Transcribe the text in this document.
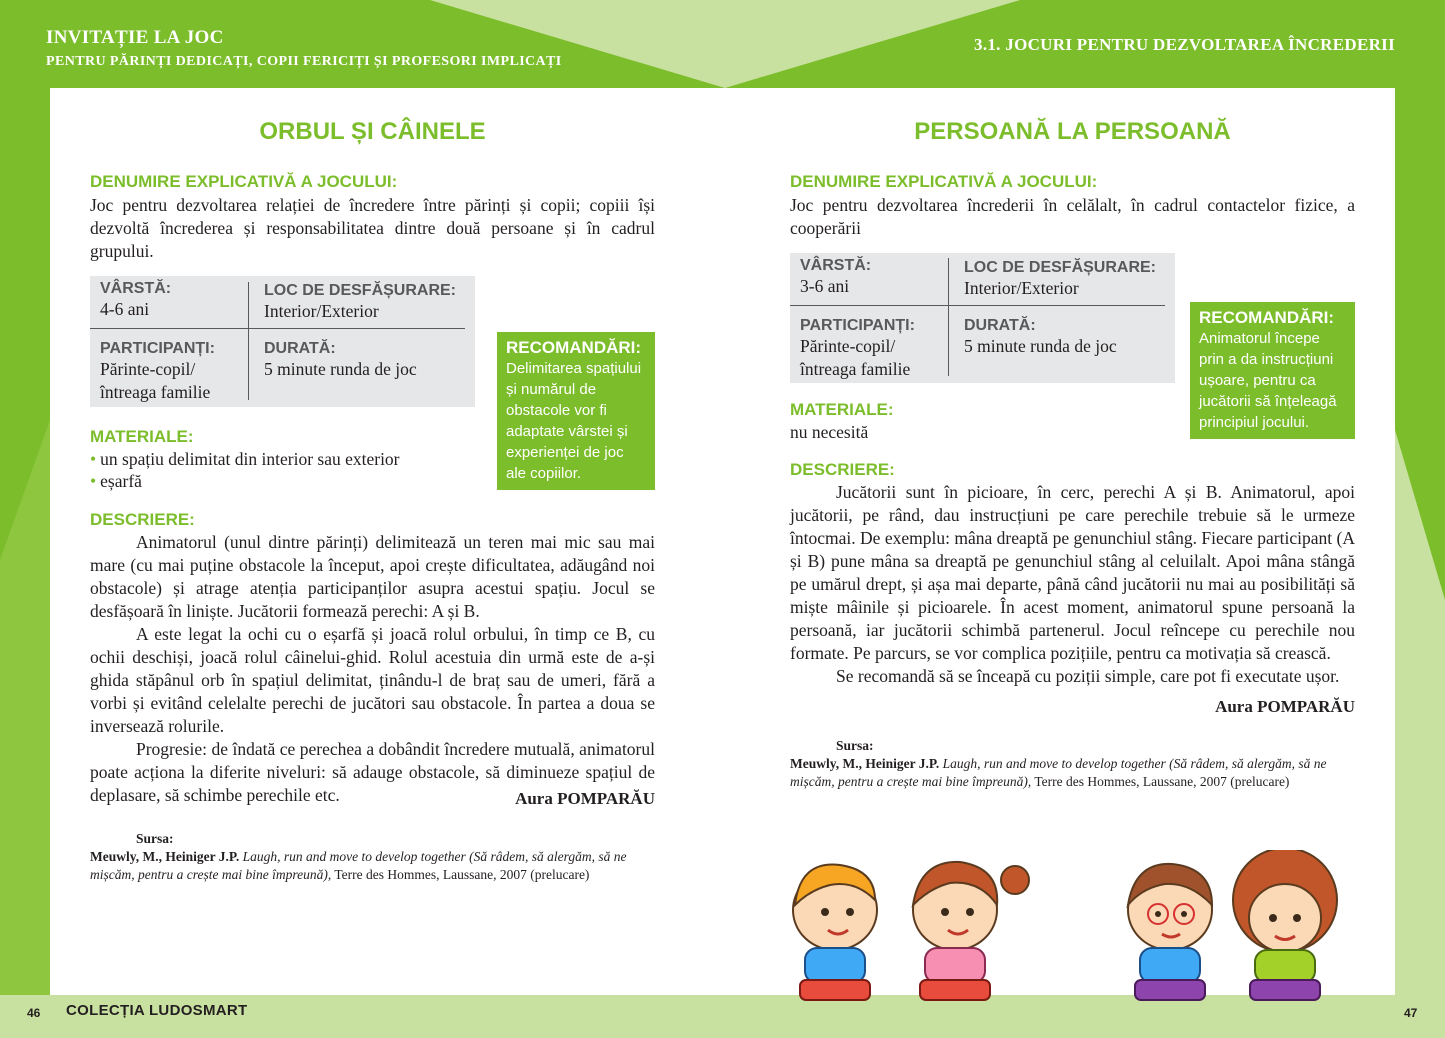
INVITAȚIE LA JOC
PENTRU PĂRINȚI DEDICAȚI, COPII FERICIȚI ȘI PROFESORI IMPLICAȚI
3.1. JOCURI PENTRU DEZVOLTAREA ÎNCREDERII
ORBUL ȘI CÂINELE
DENUMIRE EXPLICATIVĂ A JOCULUI:
Joc pentru dezvoltarea relației de încredere între părinți și copii; copiii își dezvoltă încrederea și responsabilitatea dintre două persoane și în cadrul grupului.
VÂRSTĂ:
4-6 ani
LOC DE DESFĂȘURARE:
Interior/Exterior
PARTICIPANȚI:
Părinte-copil/ întreaga familie
DURATĂ:
5 minute runda de joc
RECOMANDĂRI:
Delimitarea spațiului și numărul de obstacole vor fi adaptate vârstei și experienței de joc ale copiilor.
MATERIALE:
• un spațiu delimitat din interior sau exterior
• eșarfă
DESCRIERE:

Animatorul (unul dintre părinți) delimitează un teren mai mic sau mai mare (cu mai puține obstacole la început, apoi crește dificultatea, adăugând noi obstacole) și atrage atenția participanților asupra acestui spațiu. Jocul se desfășoară în liniște. Jucătorii formează perechi: A și B.

A este legat la ochi cu o eșarfă și joacă rolul orbului, în timp ce B, cu ochii deschiși, joacă rolul câinelui-ghid. Rolul acestuia din urmă este de a-și ghida stăpânul orb în spațiul delimitat, ținându-l de braț sau de umeri, fără a vorbi și evitând celelalte perechi de jucători sau obstacole. În partea a doua se inversează rolurile.

Progresie: de îndată ce perechea a dobândit încredere mutuală, animatorul poate acționa la diferite niveluri: să adauge obstacole, să diminueze spațiul de deplasare, să schimbe perechile etc.	Aura POMPARĂU
Sursa:
Meuwly, M., Heiniger J.P. Laugh, run and move to develop together (Să râdem, să alergăm, să ne mișcăm, pentru a crește mai bine împreună), Terre des Hommes, Laussane, 2007 (prelucare)
PERSOANĂ LA PERSOANĂ
DENUMIRE EXPLICATIVĂ A JOCULUI:
Joc pentru dezvoltarea încrederii în celălalt, în cadrul contactelor fizice, a cooperării
VÂRSTĂ:
3-6 ani
LOC DE DESFĂȘURARE:
Interior/Exterior
PARTICIPANȚI:
Părinte-copil/ întreaga familie
DURATĂ:
5 minute runda de joc
RECOMANDĂRI:
Animatorul începe prin a da instrucțiuni ușoare, pentru ca jucătorii să înțeleagă principiul jocului.
MATERIALE:
nu necesită
DESCRIERE:

Jucătorii sunt în picioare, în cerc, perechi A și B. Animatorul, apoi jucătorii, pe rând, dau instrucțiuni pe care perechile trebuie să le urmeze întocmai. De exemplu: mâna dreaptă pe genunchiul stâng. Fiecare participant (A și B) pune mâna sa dreaptă pe genunchiul stâng al celuilalt. Apoi mâna stângă pe umărul drept, și așa mai departe, până când jucătorii nu mai au posibilități să miște mâinile și picioarele. În acest moment, animatorul spune persoană la persoană, iar jucătorii schimbă partenerul. Jocul reîncepe cu perechile nou formate. Pe parcurs, se vor complica pozițiile, pentru ca motivația să crească.

Se recomandă să se înceapă cu poziții simple, care pot fi executate ușor.

Aura POMPARĂU
Sursa:
Meuwly, M., Heiniger J.P. Laugh, run and move to develop together (Să râdem, să alergăm, să ne mișcăm, pentru a crește mai bine împreună), Terre des Hommes, Laussane, 2007 (prelucare)
46 COLECȚIA LUDOSMART	47
